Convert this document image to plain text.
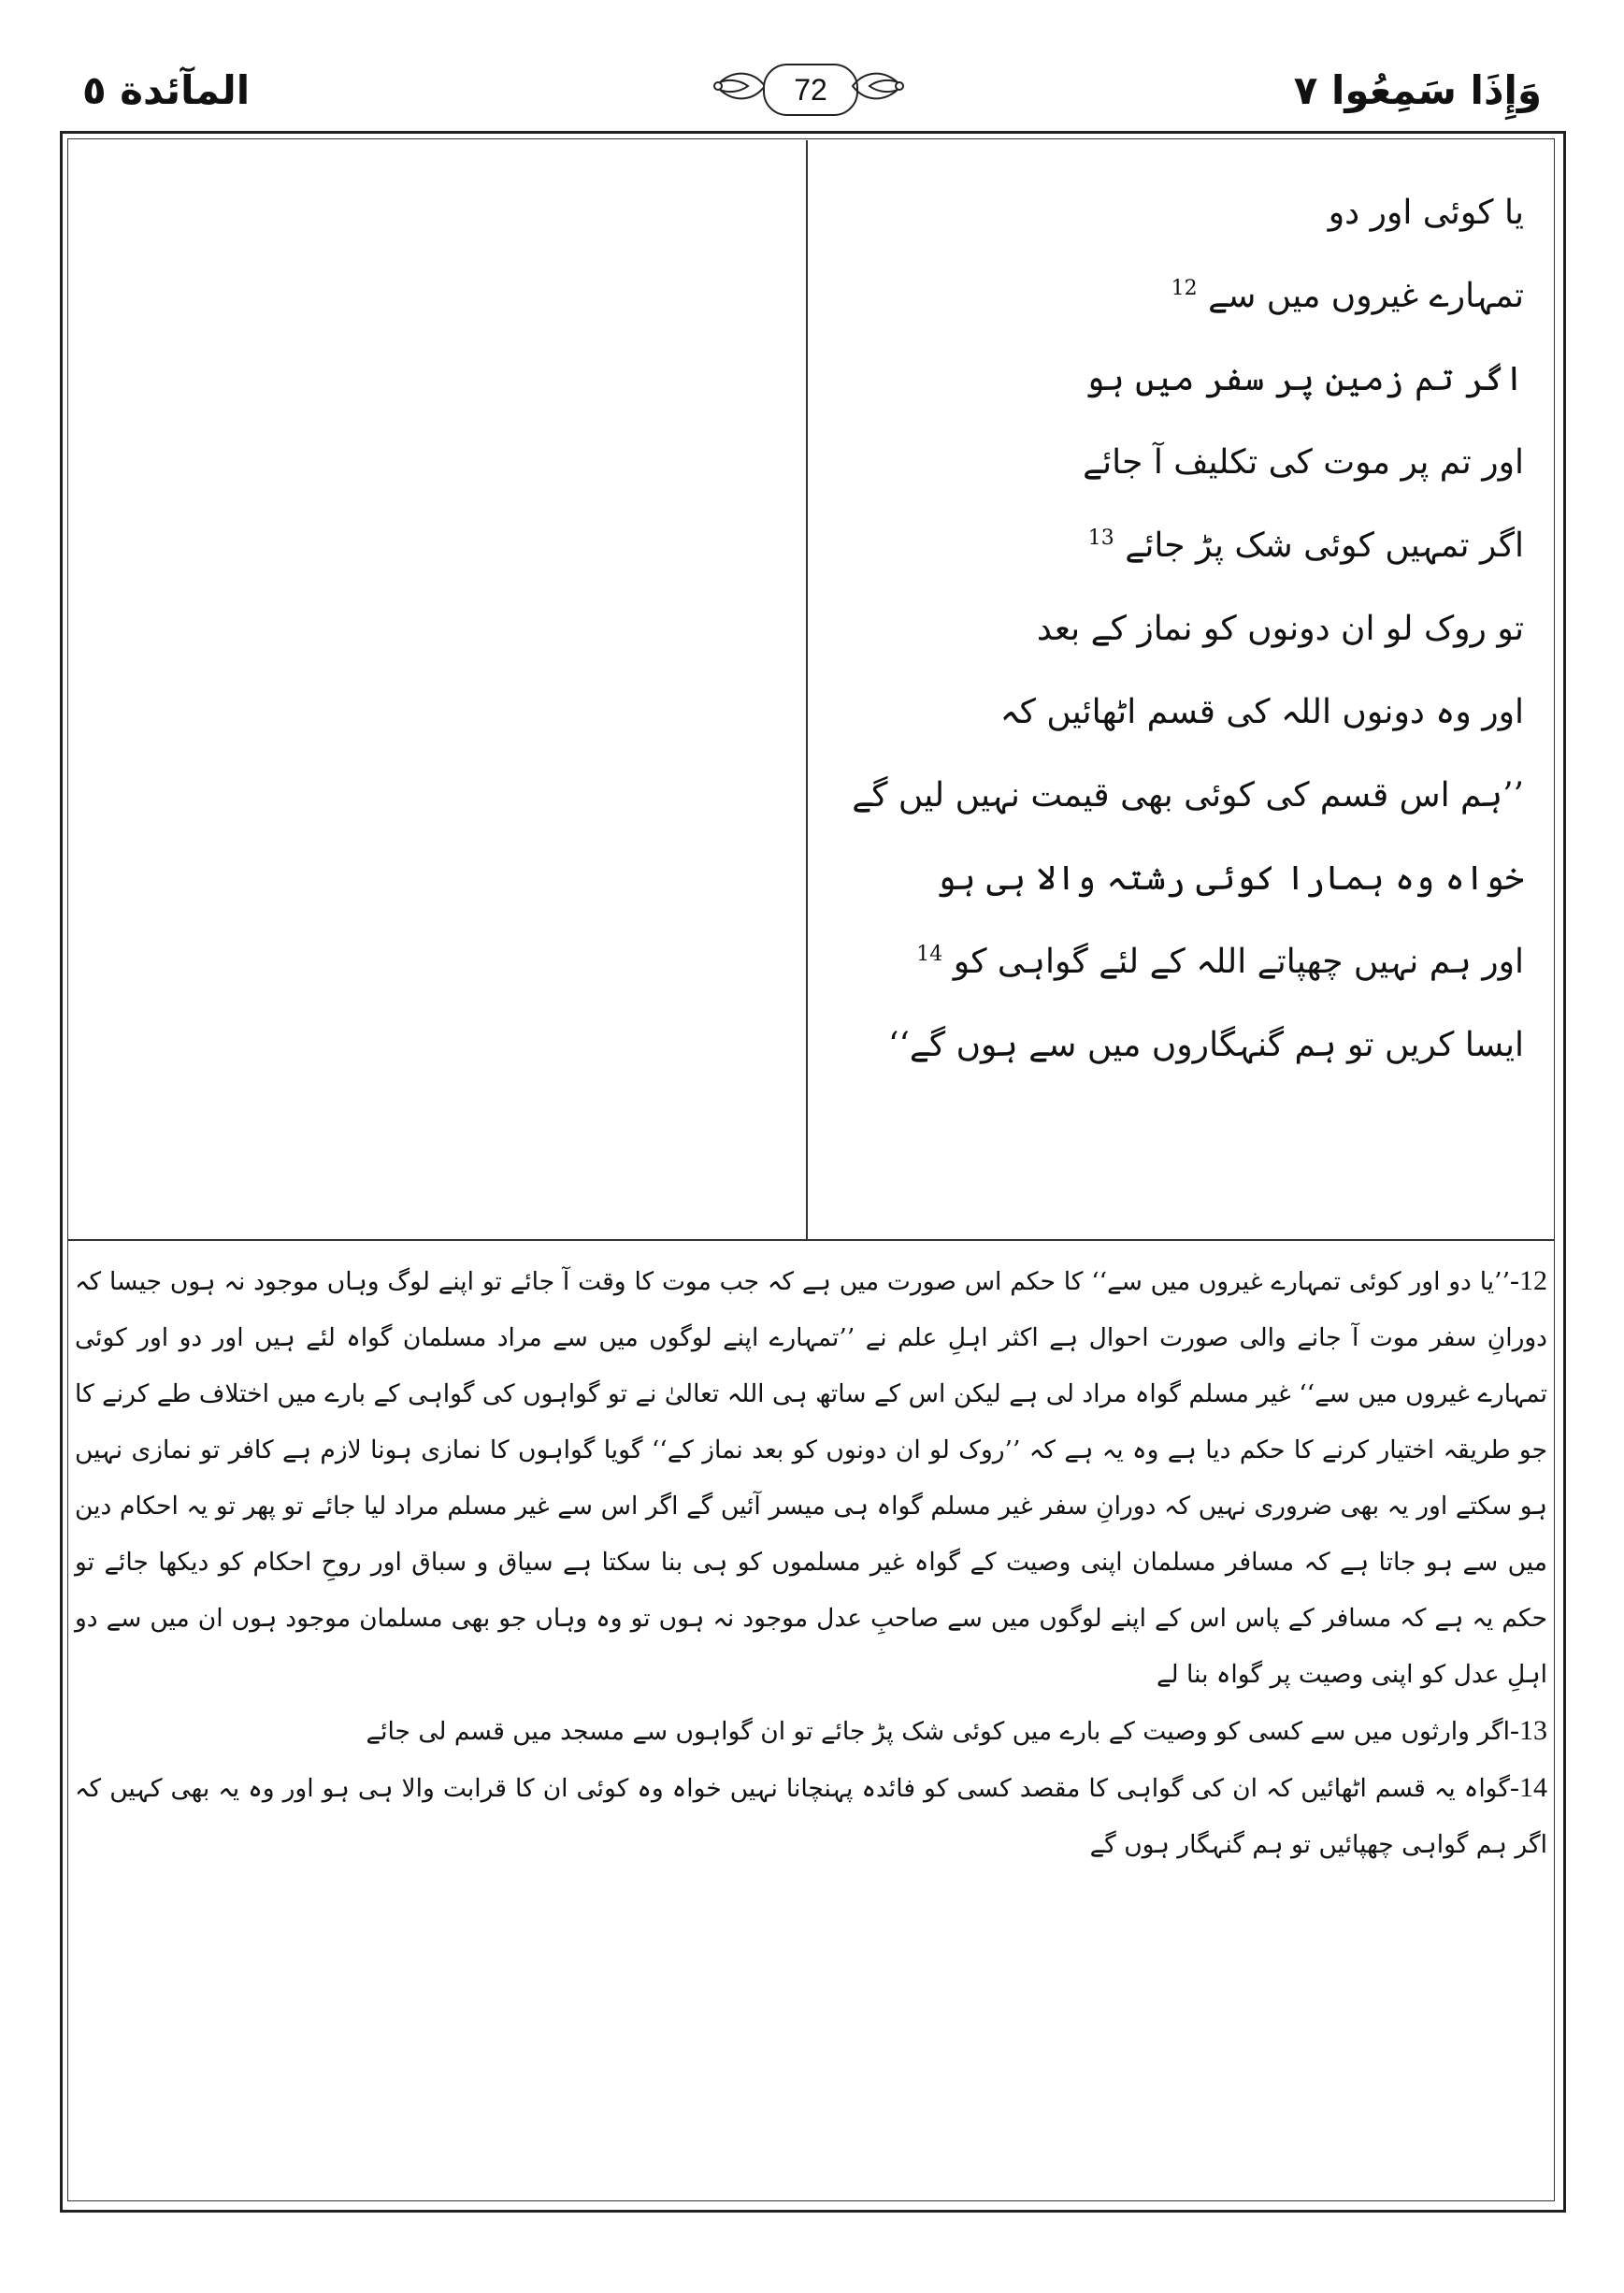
المآئدة ٥	72	وَإِذَا سَمِعُوا ٧
یا کوئی اور دو
تمہارے غیروں میں سے $^{12}$
اگر تم زمین پر سفر میں ہو
اور تم پر موت کی تکلیف آ جائے
اگر تمہیں کوئی شک پڑ جائے $^{13}$
تو روک لو ان دونوں کو نماز کے بعد
اور وہ دونوں اللہ کی قسم اٹھائیں کہ
’’ہم اس قسم کی کوئی بھی قیمت نہیں لیں گے
خواہ وہ ہمارا کوئی رشتہ والا ہی ہو
اور ہم نہیں چھپاتے اللہ کے لئے گواہی کو $^{14}$
ایسا کریں تو ہم گنہگاروں میں سے ہوں گے‘‘

12-’’یا دو اور کوئی تمہارے غیروں میں سے‘‘ کا حکم اس صورت میں ہے کہ جب موت کا وقت آ جائے تو اپنے لوگ وہاں موجود نہ ہوں جیسا کہ دورانِ سفر موت آ جانے والی صورت احوال ہے اکثر اہلِ علم نے ’’تمہارے اپنے لوگوں میں سے مراد مسلمان گواہ لئے ہیں اور دو اور کوئی تمہارے غیروں میں سے‘‘ غیر مسلم گواہ مراد لی ہے لیکن اس کے ساتھ ہی اللہ تعالیٰ نے تو گواہوں کی گواہی کے بارے میں اختلاف طے کرنے کا جو طریقہ اختیار کرنے کا حکم دیا ہے وہ یہ ہے کہ ’’روک لو ان دونوں کو بعد نماز کے‘‘ گویا گواہوں کا نمازی ہونا لازم ہے کافر تو نمازی نہیں ہو سکتے اور یہ بھی ضروری نہیں کہ دورانِ سفر غیر مسلم گواہ ہی میسر آئیں گے اگر اس سے غیر مسلم مراد لیا جائے تو پھر تو یہ احکام دین میں سے ہو جاتا ہے کہ مسافر مسلمان اپنی وصیت کے گواہ غیر مسلموں کو ہی بنا سکتا ہے سیاق و سباق اور روحِ احکام کو دیکھا جائے تو حکم یہ ہے کہ مسافر کے پاس اس کے اپنے لوگوں میں سے صاحبِ عدل موجود نہ ہوں تو وہ وہاں جو بھی مسلمان موجود ہوں ان میں سے دو اہلِ عدل کو اپنی وصیت پر گواہ بنا لے

13-اگر وارثوں میں سے کسی کو وصیت کے بارے میں کوئی شک پڑ جائے تو ان گواہوں سے مسجد میں قسم لی جائے

14-گواہ یہ قسم اٹھائیں کہ ان کی گواہی کا مقصد کسی کو فائدہ پہنچانا نہیں خواہ وہ کوئی ان کا قرابت والا ہی ہو اور وہ یہ بھی کہیں کہ اگر ہم گواہی چھپائیں تو ہم گنہگار ہوں گے
